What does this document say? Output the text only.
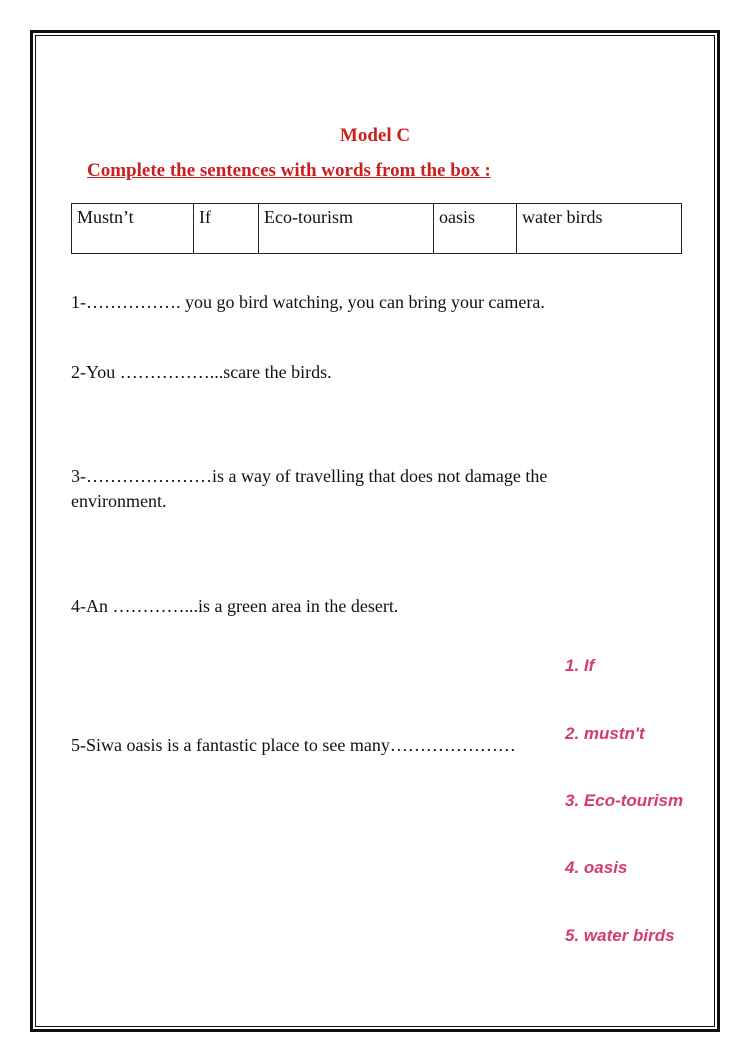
Model C
Complete the sentences with words from the box :
Mustn’t	If	Eco-tourism	oasis	water birds
1-……………. you go bird watching, you can bring your camera.
2-You ……………...scare the birds.
3-…………………is a way of travelling that does not damage the environment.
4-An …………...is a green area in the desert.
5-Siwa oasis is a fantastic place to see many…………………
1. If
2. mustn't
3. Eco-tourism
4. oasis
5. water birds
